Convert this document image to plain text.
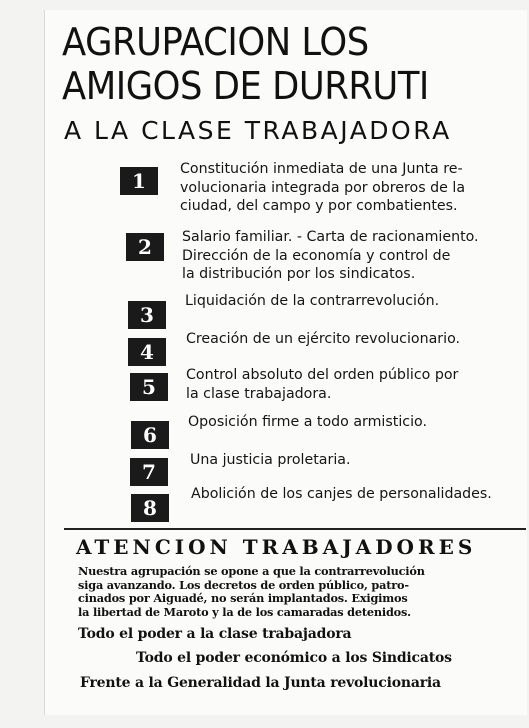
AGRUPACION LOS
AMIGOS DE DURRUTI
A LA CLASE TRABAJADORA
1	Constitución inmediata de una Junta re-
volucionaria integrada por obreros de la
ciudad, del campo y por combatientes.
2	Salario familiar. - Carta de racionamiento.
Dirección de la economía y control de
la distribución por los sindicatos.
3
Liquidación de la contrarrevolución.
4
Creación de un ejército revolucionario.
5	Control absoluto del orden público por
la clase trabajadora.
6
Oposición firme a todo armisticio.
7	Una justicia proletaria.
8
Abolición de los canjes de personalidades.
ATENCION TRABAJADORES
Nuestra agrupación se opone a que la contrarrevolución
siga avanzando. Los decretos de orden público, patro-
cinados por Aiguadé, no serán implantados. Exigimos
la libertad de Maroto y la de los camaradas detenidos.
Todo el poder a la clase trabajadora
Todo el poder económico a los Sindicatos
Frente a la Generalidad la Junta revolucionaria
